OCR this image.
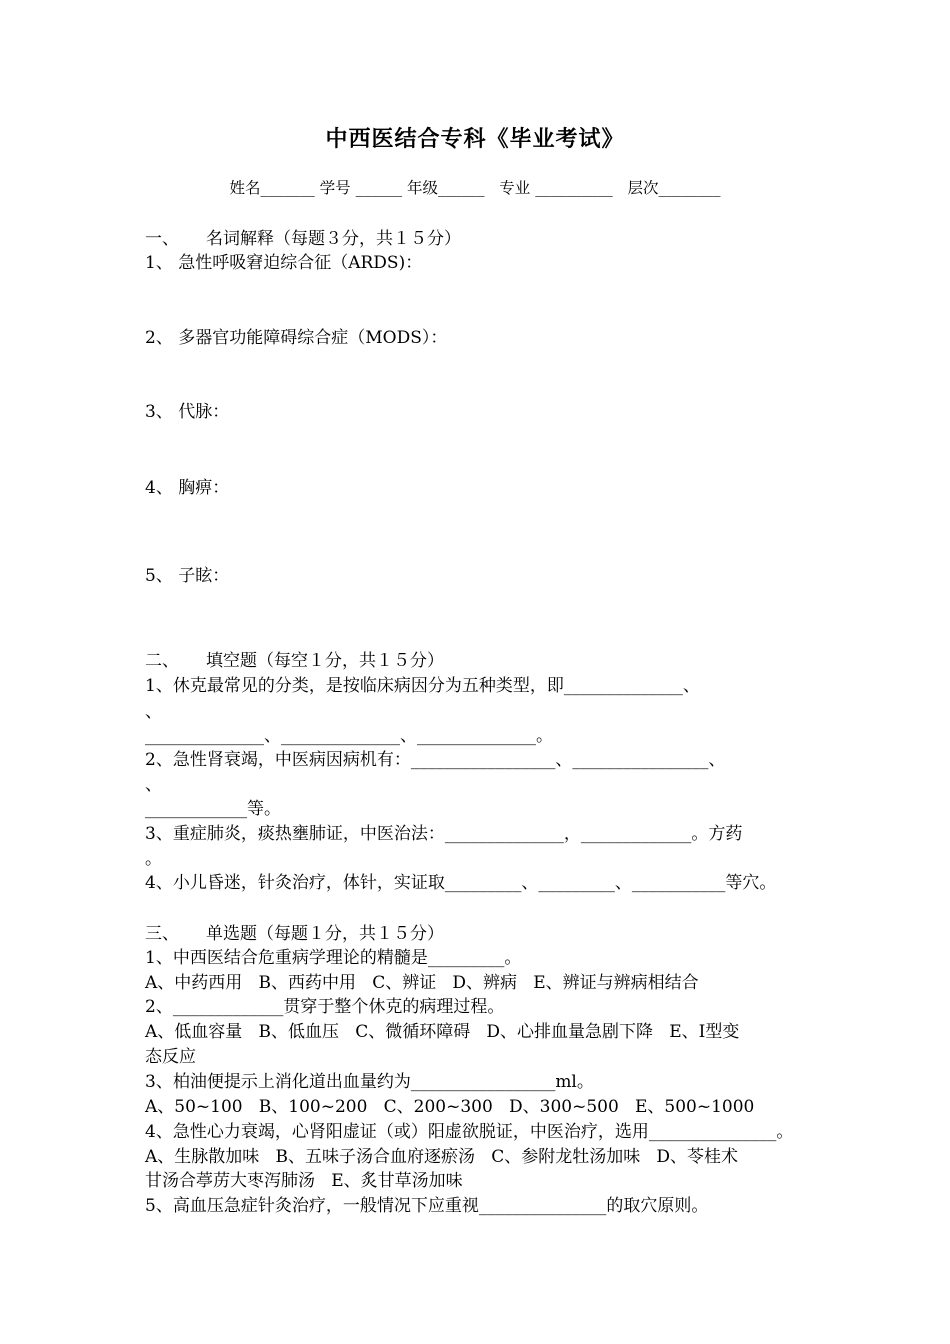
中西医结合专科《毕业考试》
姓名_______ 学号 ______ 年级______   专业 __________   层次________
一、     名词解释（每题３分，共１５分）
1、 急性呼吸窘迫综合征（ARDS)：
2、 多器官功能障碍综合症（MODS）：
3、 代脉：
4、 胸痹：
5、 子眩：
二、     填空题（每空１分，共１５分）
1、休克最常见的分类，是按临床病因分为五种类型，即______________、
、
______________、______________、______________。
2、急性肾衰竭，中医病因病机有：_________________、________________、
、
____________等。
3、重症肺炎，痰热壅肺证，中医治法：______________，_____________。方药
。
4、小儿昏迷，针灸治疗，体针，实证取_________、_________、___________等穴。
三、     单选题（每题１分，共１５分）
1、中西医结合危重病学理论的精髓是_________。
A、中药西用   B、西药中用   C、辨证   D、辨病   E、辨证与辨病相结合
2、_____________贯穿于整个休克的病理过程。
A、低血容量   B、低血压   C、微循环障碍   D、心排血量急剧下降   E、I型变
态反应
3、柏油便提示上消化道出血量约为_________________ml。
A、50~100   B、100~200   C、200~300   D、300~500   E、500~1000
4、急性心力衰竭，心肾阳虚证（或）阳虚欲脱证，中医治疗，选用_______________。
A、生脉散加味   B、五味子汤合血府逐瘀汤   C、参附龙牡汤加味   D、苓桂术
甘汤合葶苈大枣泻肺汤   E、炙甘草汤加味
5、高血压急症针灸治疗，一般情况下应重视_______________的取穴原则。
